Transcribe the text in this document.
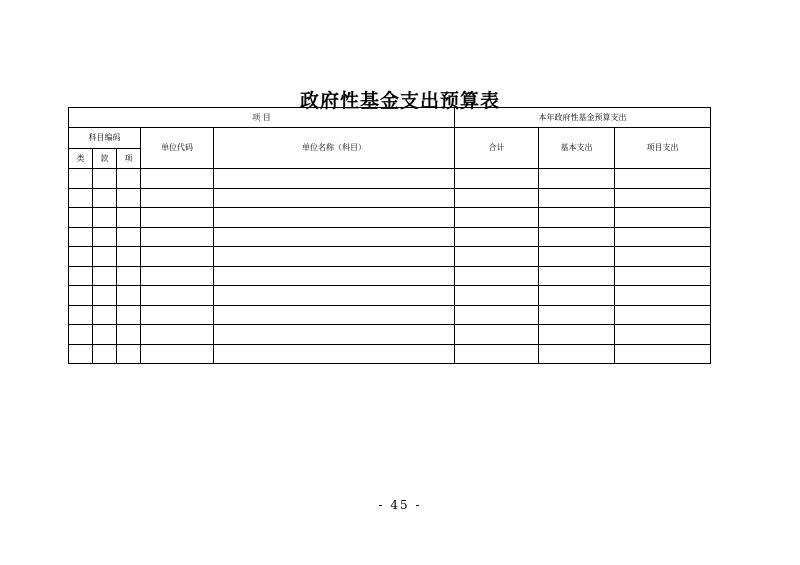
政府性基金支出预算表
项 目					本年政府性基金预算支出		
科目编码			单位代码	单位名称（科目）	合计	基本支出	项目支出
类	款	项					

- 45 -
